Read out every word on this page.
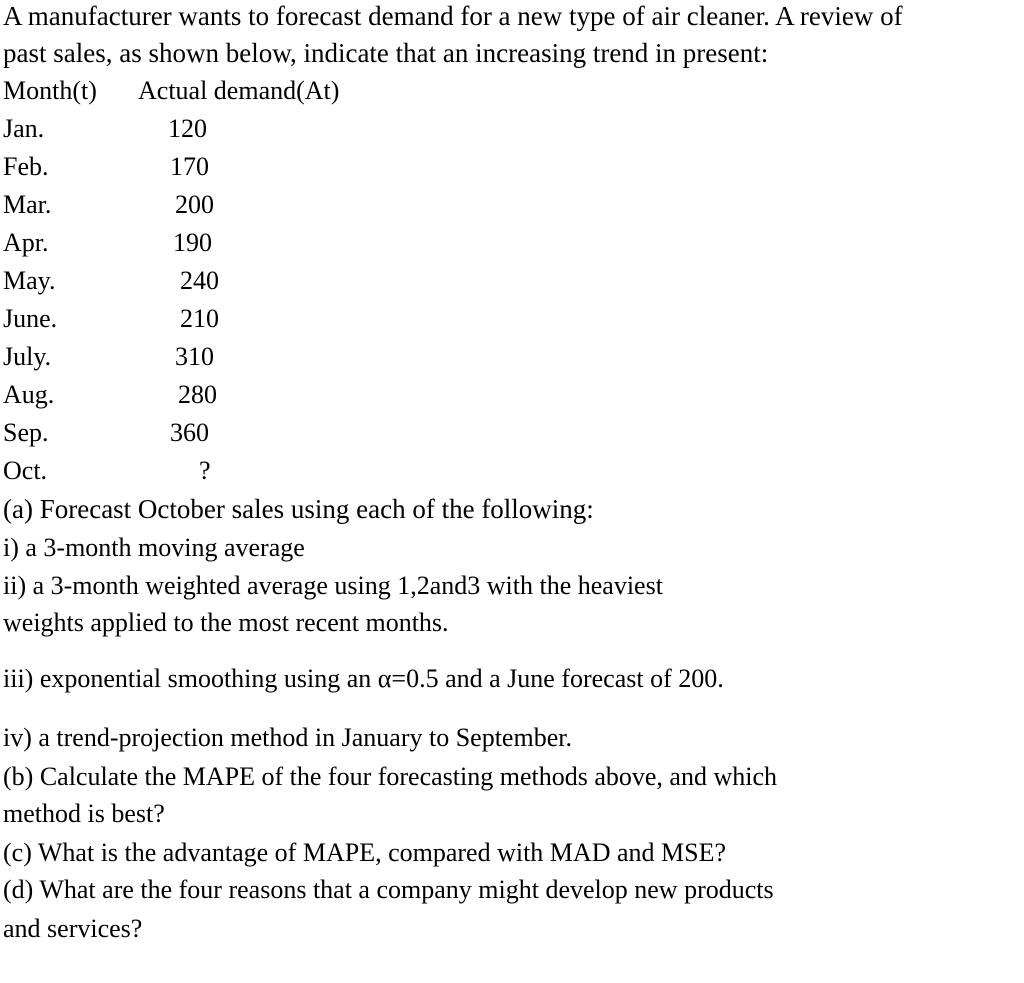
A manufacturer wants to forecast demand for a new type of air cleaner. A review of
past sales, as shown below, indicate that an increasing trend in present:
Month(t) Actual demand(At)
Jan.	120
Feb.	170
Mar.	200
Apr.	190
May.	240
June.	210
July.	310
Aug.	280
Sep.	360
Oct.	?
(a) Forecast October sales using each of the following:
i) a 3-month moving average
ii) a 3-month weighted average using 1,2and3 with the heaviest
weights applied to the most recent months.
iii) exponential smoothing using an α=0.5 and a June forecast of 200.
iv) a trend-projection method in January to September.
(b) Calculate the MAPE of the four forecasting methods above, and which
method is best?
(c) What is the advantage of MAPE, compared with MAD and MSE?
(d) What are the four reasons that a company might develop new products
and services?
